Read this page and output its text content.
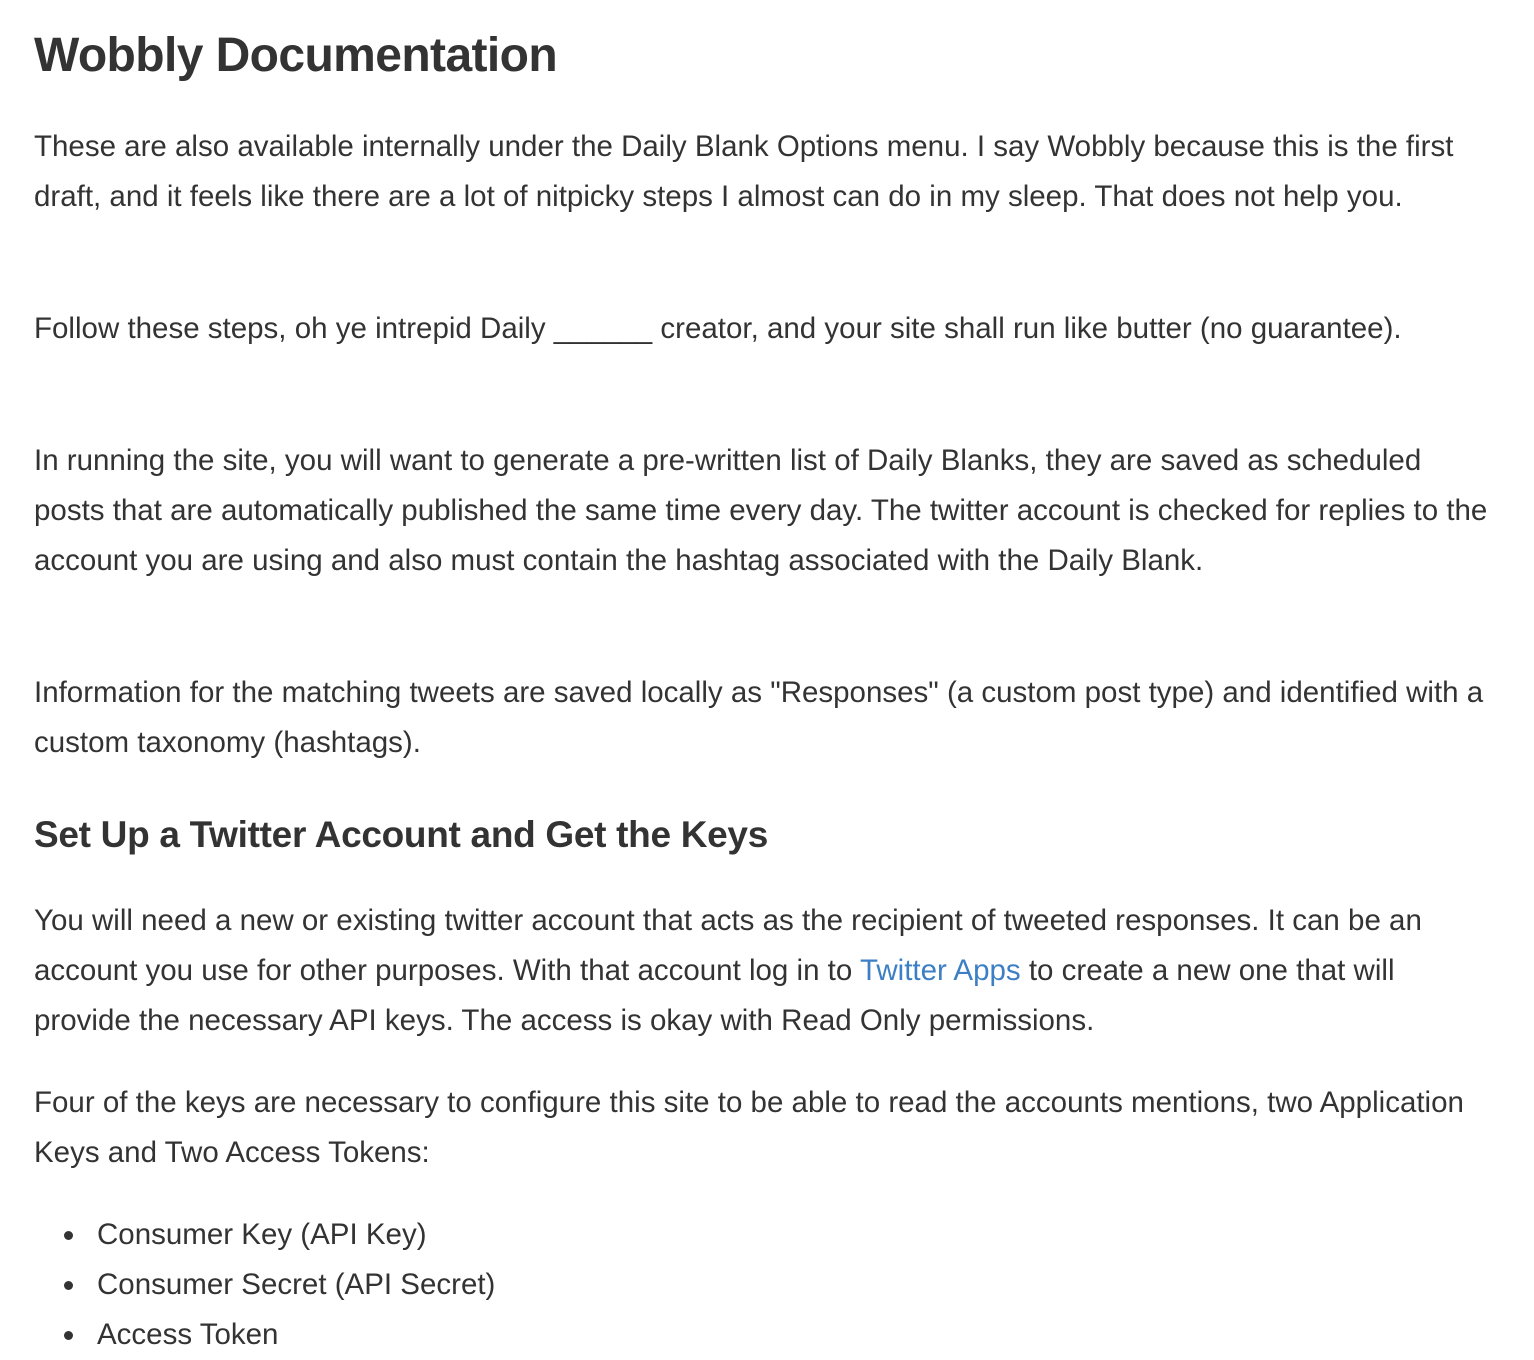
Wobbly Documentation

These are also available internally under the Daily Blank Options menu. I say Wobbly because this is the first draft, and it feels like there are a lot of nitpicky steps I almost can do in my sleep. That does not help you.

Follow these steps, oh ye intrepid Daily ______ creator, and your site shall run like butter (no guarantee).

In running the site, you will want to generate a pre-written list of Daily Blanks, they are saved as scheduled posts that are automatically published the same time every day. The twitter account is checked for replies to the account you are using and also must contain the hashtag associated with the Daily Blank.

Information for the matching tweets are saved locally as "Responses" (a custom post type) and identified with a custom taxonomy (hashtags).

Set Up a Twitter Account and Get the Keys

You will need a new or existing twitter account that acts as the recipient of tweeted responses. It can be an account you use for other purposes. With that account log in to Twitter Apps to create a new one that will provide the necessary API keys. The access is okay with Read Only permissions.

Four of the keys are necessary to configure this site to be able to read the accounts mentions, two Application Keys and Two Access Tokens:

Consumer Key (API Key)
Consumer Secret (API Secret)
Access Token
